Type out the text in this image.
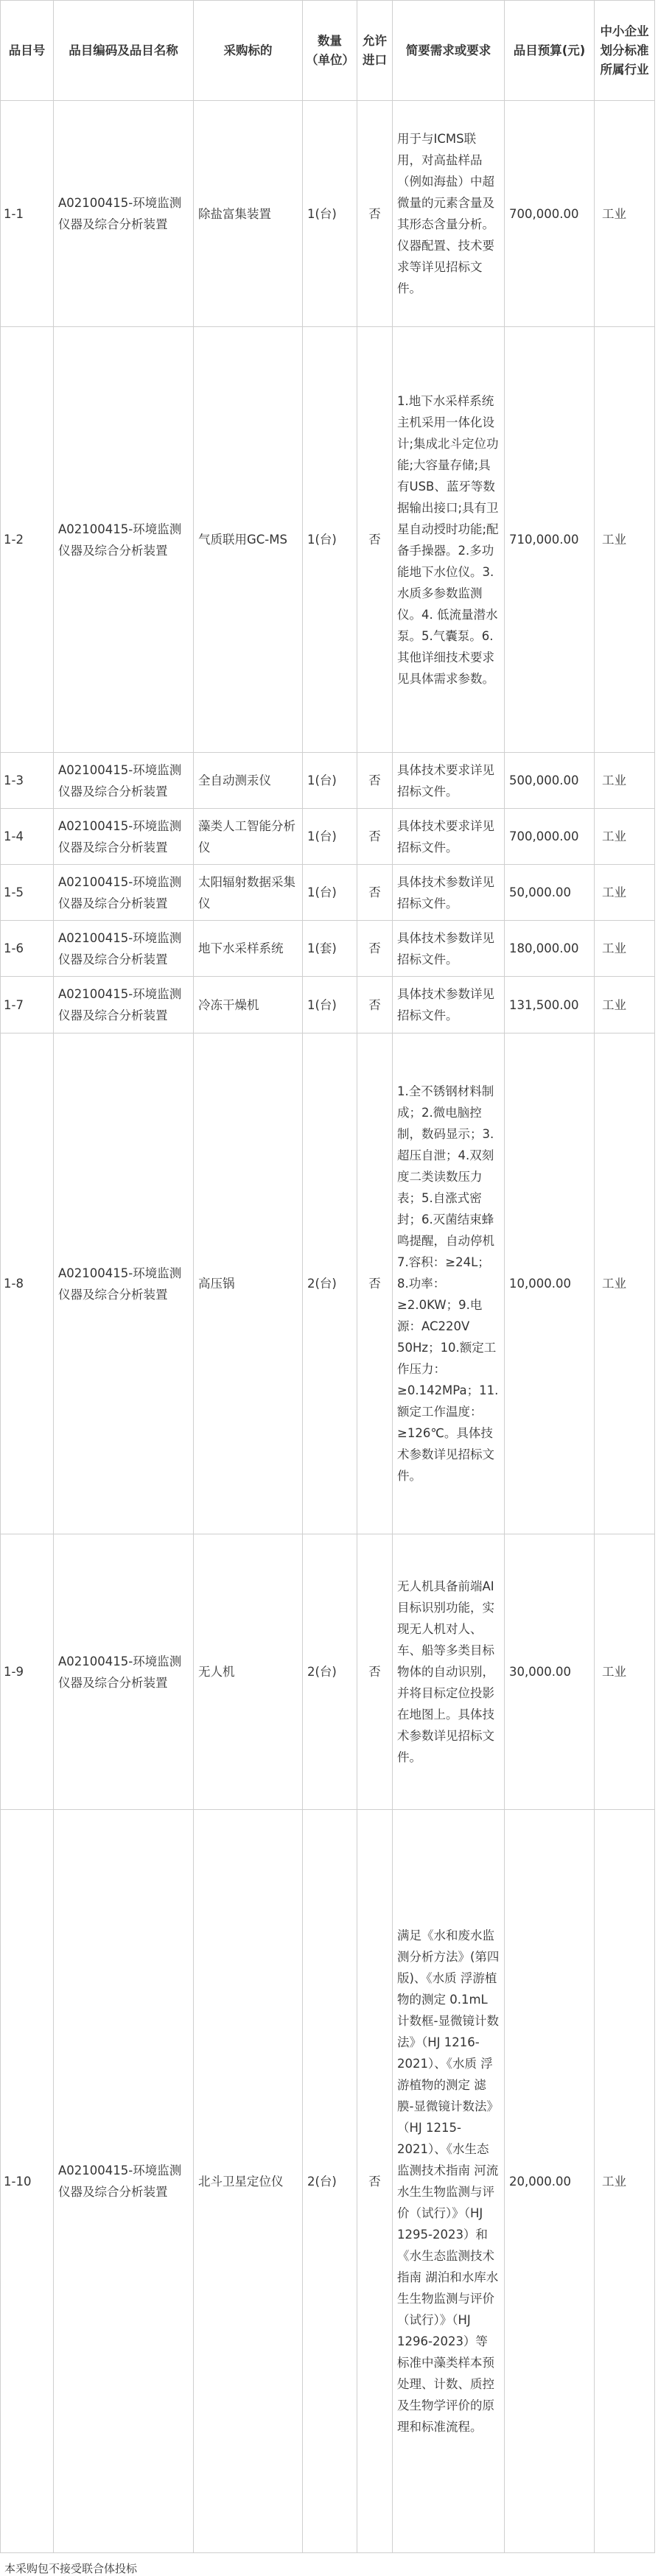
品目号	品目编码及品目名称	采购标的	数量（单位）	允许进口	简要需求或要求	品目预算(元)	中小企业划分标准所属行业
1-1	A02100415-环境监测仪器及综合分析装置	除盐富集装置	1(台)	否	用于与ICMS联用，对高盐样品（例如海盐）中超微量的元素含量及其形态含量分析。仪器配置、技术要求等详见招标文件。	700,000.00	工业
1-2	A02100415-环境监测仪器及综合分析装置	气质联用GC-MS	1(台)	否	1.地下水采样系统主机采用一体化设计;集成北斗定位功能;大容量存储;具有USB、蓝牙等数据输出接口;具有卫星自动授时功能;配备手操器。2.多功能地下水位仪。3.水质多参数监测仪。4. 低流量潜水泵。5.气囊泵。6.其他详细技术要求见具体需求参数。	710,000.00	工业
1-3	A02100415-环境监测仪器及综合分析装置	全自动测汞仪	1(台)	否	具体技术要求详见招标文件。	500,000.00	工业
1-4	A02100415-环境监测仪器及综合分析装置	藻类人工智能分析仪	1(台)	否	具体技术要求详见招标文件。	700,000.00	工业
1-5	A02100415-环境监测仪器及综合分析装置	太阳辐射数据采集仪	1(台)	否	具体技术参数详见招标文件。	50,000.00	工业
1-6	A02100415-环境监测仪器及综合分析装置	地下水采样系统	1(套)	否	具体技术参数详见招标文件。	180,000.00	工业
1-7	A02100415-环境监测仪器及综合分析装置	冷冻干燥机	1(台)	否	具体技术参数详见招标文件。	131,500.00	工业
1-8	A02100415-环境监测仪器及综合分析装置	高压锅	2(台)	否	1.全不锈钢材料制成；2.微电脑控制，数码显示；3.超压自泄；4.双刻度二类读数压力表；5.自涨式密封；6.灭菌结束蜂鸣提醒，自动停机 7.容积：≥24L；8.功率：≥2.0KW；9.电源：AC220V 50Hz；10.额定工作压力：≥0.142MPa；11.额定工作温度：≥126℃。具体技术参数详见招标文件。	10,000.00	工业
1-9	A02100415-环境监测仪器及综合分析装置	无人机	2(台)	否	无人机具备前端AI目标识别功能，实现无人机对人、车、船等多类目标物体的自动识别，并将目标定位投影在地图上。具体技术参数详见招标文件。	30,000.00	工业
1-10	A02100415-环境监测仪器及综合分析装置	北斗卫星定位仪	2(台)	否	满足《水和废水监测分析方法》(第四版)、《水质 浮游植物的测定 0.1mL计数框-显微镜计数法》（HJ 1216-2021）、《水质 浮游植物的测定 滤膜-显微镜计数法》（HJ 1215-2021）、《水生态监测技术指南 河流水生生物监测与评价（试行）》（HJ 1295-2023）和《水生态监测技术指南 湖泊和水库水生生物监测与评价（试行）》（HJ 1296-2023）等标准中藻类样本预处理、计数、质控及生物学评价的原理和标准流程。	20,000.00	工业
本采购包不接受联合体投标
